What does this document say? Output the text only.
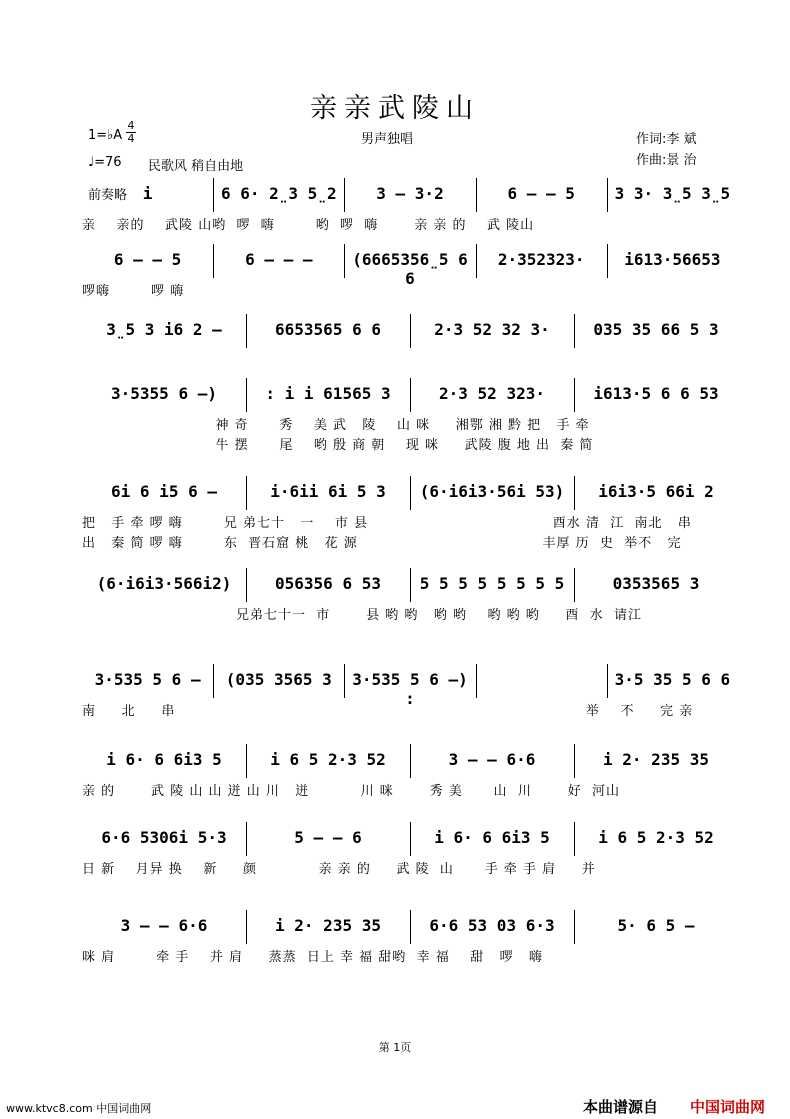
亲亲武陵山
1=♭A
4
4
♩=76 民歌风 稍自由地
男声独唱	作词:李 斌
作曲:景 治
前奏略 i	6 6· 2̤3 5̤2	3 — 3·2	6 — — 5	3 3· 3̤5 3̤5
亲    亲的    武陵 山哟  啰  嗨        哟  啰  嗨       亲 亲 的    武 陵山
6 — — 5	6 — — —	(6665356̤5 6 6
2·352323·	i613·56653
啰嗨        啰 嗨
3̤5 3 i6 2 —	6653565 6 6	2·3 52 32 3·	035 35 66 5 3
3·5355 6 —)	: i i 61565 3	2·3 52 323·	i613·5 6 6 53
神 奇      秀    美 武   陵    山 咪     湘鄂 湘 黔 把   手 牵
牛 摆      尾    哟 殷 商 朝    现 咪     武陵 腹 地 出  秦 简
6i 6 i5 6 —	i·6ii 6i 5 3	(6·i6i3·56i 53)	i6i3·5 66i 2
把   手 牵 啰 嗨        兄 弟七十   一    市 县                                    酉水 清  江  南北   串
出   秦 简 啰 嗨        东  晋石窟 桃   花 源                                    丰厚 历  史  举不   完
(6·i6i3·566i2)	056356 6 53	5 5 5 5 5 5 5 5	0353565 3
兄弟七十一  市       县 哟 哟   哟 哟    哟 哟 哟     酉  水  请江
3·535 5 6 —	(035 3565 3	3·535 5 6 —) :
3·5 35 5 6 6
南     北     串                                                                                举    不     完 亲
i 6· 6 6i3 5	i 6 5 2·3 52	3 — — 6·6	i 2· 235 35
亲 的       武 陵 山 山 迸 山 川   迸          川 咪       秀 美      山  川       好  河山
6·6 5306i 5·3	5 — — 6	i 6· 6 6i3 5	i 6 5 2·3 52
日 新    月异 换    新     颜            亲 亲 的     武 陵  山      手 牵 手 肩     并
3 — — 6·6	i 2· 235 35	6·6 53 03 6·3	5· 6 5 —
咪 肩        牵 手    并 肩     蒸蒸  日上 幸 福 甜哟  幸 福    甜   啰   嗨
第 1页
www.ktvc8.com 中国词曲网	本曲谱源自 中国词曲网
